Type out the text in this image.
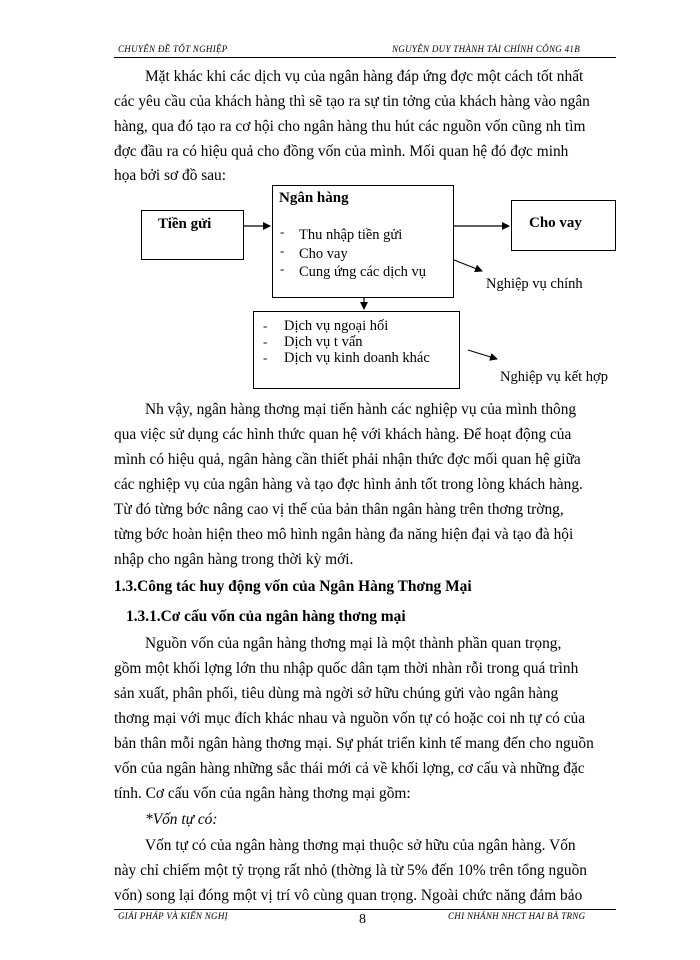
CHUYÊN ĐỀ TỐT NGHIỆP	NGUYỄN DUY THÀNH TÀI CHÍNH CÔNG 41B
Mặt khác khi các dịch vụ của ngân hàng đáp ứng đợc một cách tốt nhất
các yêu cầu của khách hàng thì sẽ tạo ra sự tin tởng của khách hàng vào ngân
hàng, qua đó tạo ra cơ hội cho ngân hàng thu hút các nguồn vốn cũng nh tìm
đợc đầu ra có hiệu quả cho đồng vốn của mình. Mối quan hệ đó đợc minh
họa bởi sơ đồ sau:
Tiền gửi
Ngân hàng
- Thu nhập tiền gửi
- Cho vay
- Cung ứng các dịch vụ
Cho vay
- Dịch vụ ngoại hối
- Dịch vụ t vấn
- Dịch vụ kinh doanh khác
Nghiệp vụ chính
Nghiệp vụ kết hợp
Nh vậy, ngân hàng thơng mại tiến hành các nghiệp vụ của mình thông
qua việc sử dụng các hình thức quan hệ với khách hàng. Để hoạt động của
mình có hiệu quả, ngân hàng cần thiết phải nhận thức đợc mối quan hệ giữa
các nghiệp vụ của ngân hàng và tạo đợc hình ảnh tốt trong lòng khách hàng.
Từ đó từng bớc nâng cao vị thế của bản thân ngân hàng trên thơng trờng,
từng bớc hoàn hiện theo mô hình ngân hàng đa năng hiện đại và tạo đà hội
nhập cho ngân hàng trong thời kỳ mới.
1.3.Công tác huy động vốn của Ngân Hàng Thơng Mại
1.3.1.Cơ cấu vốn của ngân hàng thơng mại
Nguồn vốn của ngân hàng thơng mại là một thành phần quan trọng,
gồm một khối lợng lớn thu nhập quốc dân tạm thời nhàn rỗi trong quá trình
sản xuất, phân phối, tiêu dùng mà ngời sở hữu chúng gửi vào ngân hàng
thơng mại với mục đích khác nhau và nguồn vốn tự có hoặc coi nh tự có của
bản thân mỗi ngân hàng thơng mại. Sự phát triển kinh tế mang đến cho nguồn
vốn của ngân hàng những sắc thái mới cả về khối lợng, cơ cấu và những đặc
tính. Cơ cấu vốn của ngân hàng thơng mại gồm:
*Vốn tự có:
Vốn tự có của ngân hàng thơng mại thuộc sở hữu của ngân hàng. Vốn
này chỉ chiếm một tỷ trọng rất nhỏ (thờng là từ 5% đến 10% trên tổng nguồn
vốn) song lại đóng một vị trí vô cùng quan trọng. Ngoài chức năng đảm bảo
GIẢI PHÁP VÀ KIẾN NGHỊ	8	CHI NHÁNH NHCT HAI BÀ TRNG
